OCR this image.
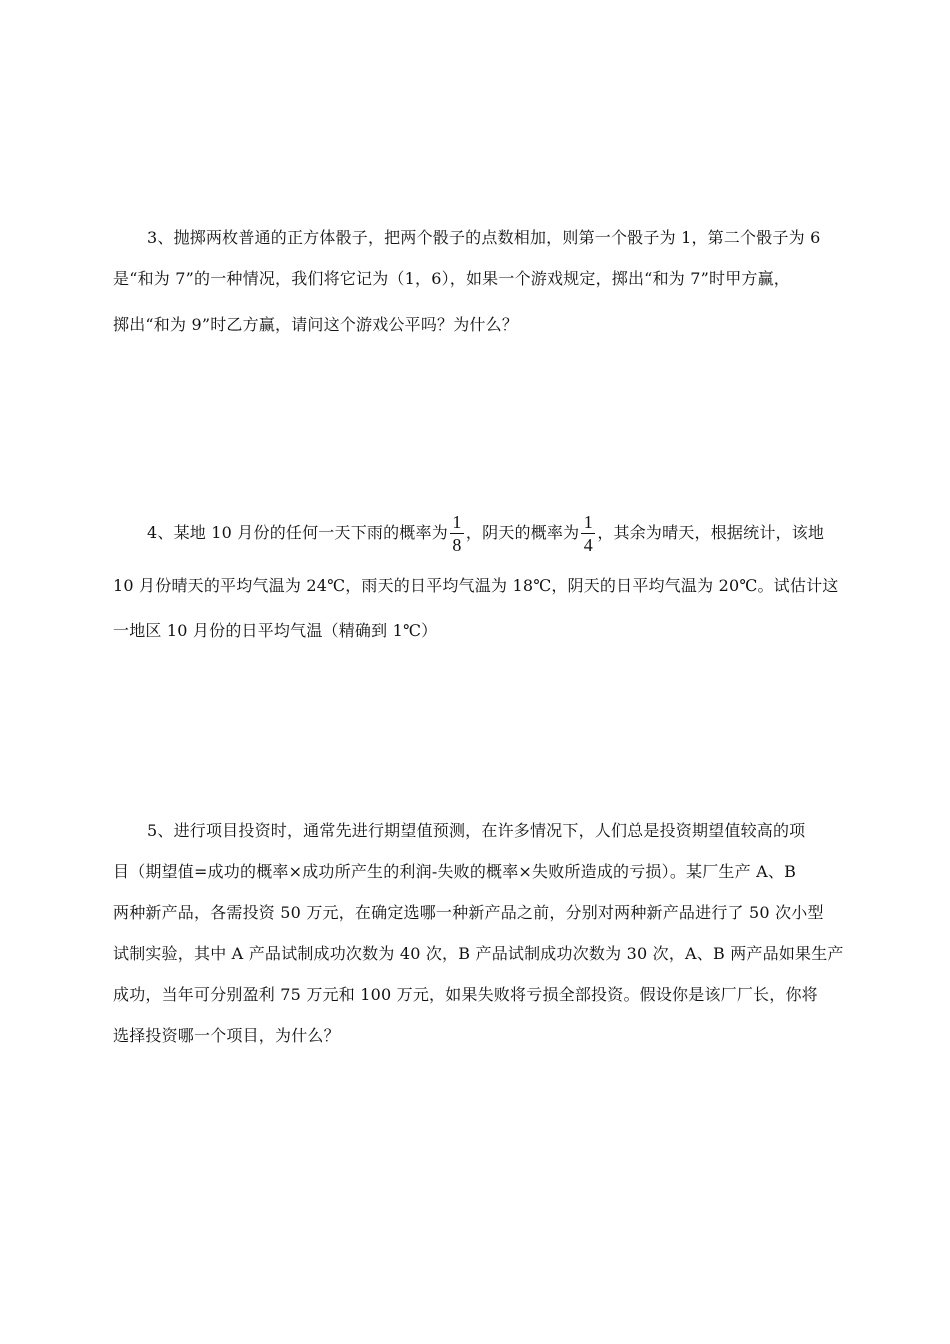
3、抛掷两枚普通的正方体骰子，把两个骰子的点数相加，则第一个骰子为 1，第二个骰子为 6
是“和为 7”的一种情况，我们将它记为（1，6），如果一个游戏规定，掷出“和为 7”时甲方赢，
掷出“和为 9”时乙方赢，请问这个游戏公平吗？为什么？
4、某地 10 月份的任何一天下雨的概率为 $\frac{1}{8}$ ，阴天的概率为 $\frac{1}{4}$ ，其余为晴天，根据统计，该地
10 月份晴天的平均气温为 24℃，雨天的日平均气温为 18℃，阴天的日平均气温为 20℃。试估计这
一地区 10 月份的日平均气温（精确到 1℃）
5、进行项目投资时，通常先进行期望值预测，在许多情况下，人们总是投资期望值较高的项
目（期望值=成功的概率×成功所产生的利润-失败的概率×失败所造成的亏损）。某厂生产 A、B
两种新产品，各需投资 50 万元，在确定选哪一种新产品之前，分别对两种新产品进行了 50 次小型
试制实验，其中 A 产品试制成功次数为 40 次，B 产品试制成功次数为 30 次，A、B 两产品如果生产
成功，当年可分别盈利 75 万元和 100 万元，如果失败将亏损全部投资。假设你是该厂厂长，你将
选择投资哪一个项目，为什么？
